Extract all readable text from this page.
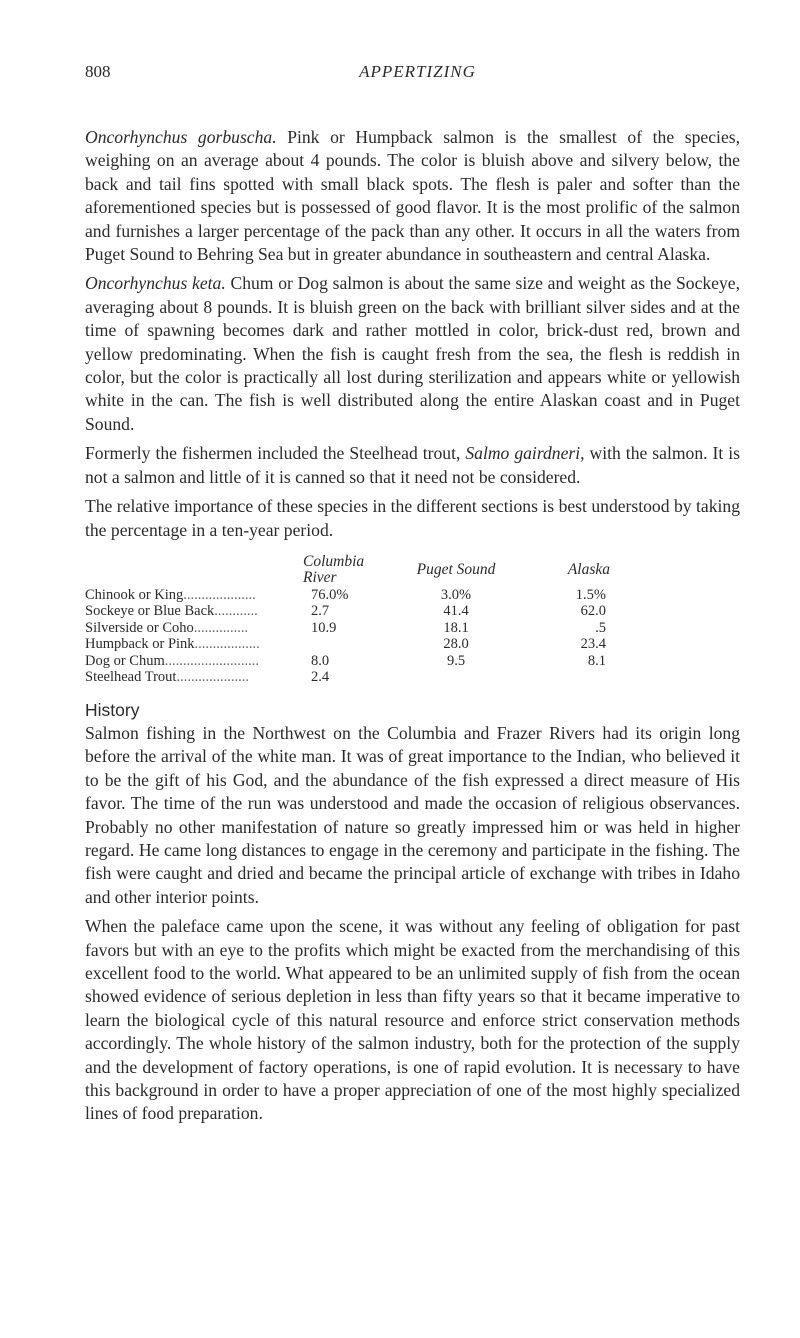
808	APPERTIZING

Oncorhynchus gorbuscha. Pink or Humpback salmon is the smallest of the species, weighing on an average about 4 pounds. The color is bluish above and silvery below, the back and tail fins spotted with small black spots. The flesh is paler and softer than the aforementioned species but is possessed of good flavor. It is the most prolific of the salmon and furnishes a larger percentage of the pack than any other. It occurs in all the waters from Puget Sound to Behring Sea but in greater abundance in southeastern and central Alaska.

Oncorhynchus keta. Chum or Dog salmon is about the same size and weight as the Sockeye, averaging about 8 pounds. It is bluish green on the back with brilliant silver sides and at the time of spawning becomes dark and rather mottled in color, brick-dust red, brown and yellow predominating. When the fish is caught fresh from the sea, the flesh is reddish in color, but the color is practically all lost during sterilization and appears white or yellowish white in the can. The fish is well distributed along the entire Alaskan coast and in Puget Sound.

Formerly the fishermen included the Steelhead trout, Salmo gairdneri, with the salmon. It is not a salmon and little of it is canned so that it need not be considered.

The relative importance of these species in the different sections is best understood by taking the percentage in a ten-year period.

	Columbia River	Puget Sound	Alaska
Chinook or King....................	76.0%	3.0%	1.5%
Sockeye or Blue Back............	2.7	41.4	62.0
Silverside or Coho...............	10.9	18.1	.5
Humpback or Pink..................		28.0	23.4
Dog or Chum..........................	8.0	9.5	8.1
Steelhead Trout....................	2.4		
History

Salmon fishing in the Northwest on the Columbia and Frazer Rivers had its origin long before the arrival of the white man. It was of great importance to the Indian, who believed it to be the gift of his God, and the abundance of the fish expressed a direct measure of His favor. The time of the run was understood and made the occasion of religious observances. Probably no other manifestation of nature so greatly impressed him or was held in higher regard. He came long distances to engage in the ceremony and participate in the fishing. The fish were caught and dried and became the principal article of exchange with tribes in Idaho and other interior points.

When the paleface came upon the scene, it was without any feeling of obligation for past favors but with an eye to the profits which might be exacted from the merchandising of this excellent food to the world. What appeared to be an unlimited supply of fish from the ocean showed evidence of serious depletion in less than fifty years so that it became imperative to learn the biological cycle of this natural resource and enforce strict conservation methods accordingly. The whole history of the salmon industry, both for the protection of the supply and the development of factory operations, is one of rapid evolution. It is necessary to have this background in order to have a proper appreciation of one of the most highly specialized lines of food preparation.
